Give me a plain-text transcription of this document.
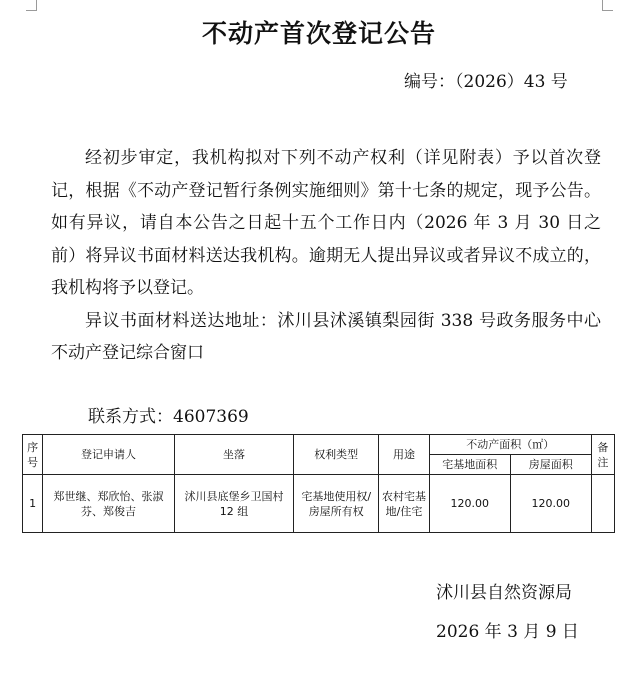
不动产首次登记公告
编号：（2026）43 号

经初步审定，我机构拟对下列不动产权利（详见附表）予以首次登记，根据《不动产登记暂行条例实施细则》第十七条的规定，现予公告。如有异议，请自本公告之日起十五个工作日内（2026 年 3 月 30 日之前）将异议书面材料送达我机构。逾期无人提出异议或者异议不成立的，我机构将予以登记。

异议书面材料送达地址：沭川县沭溪镇梨园街 338 号政务服务中心不动产登记综合窗口

联系方式：4607369
序号	登记申请人	坐落	权利类型	用途	不动产面积（㎡）		备注
					宅基地面积	房屋面积	
1	郑世继、郑欣怡、张淑芬、郑俊吉	沭川县底堡乡卫国村 12 组	宅基地使用权/房屋所有权	农村宅基地/住宅	120.00	120.00	
沭川县自然资源局
2026 年 3 月 9 日
